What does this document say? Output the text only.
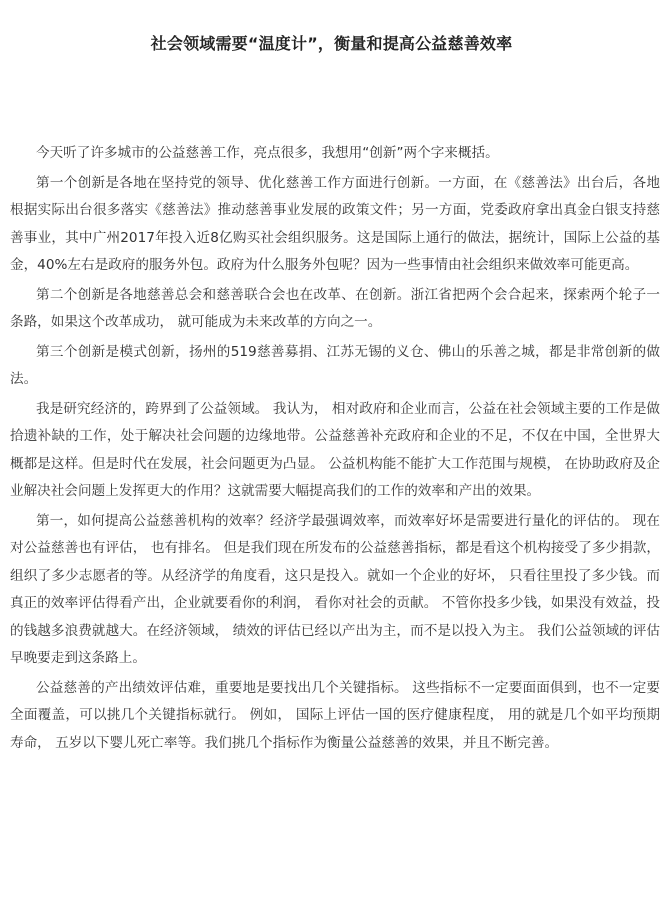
社会领域需要“温度计”，衡量和提高公益慈善效率

今天听了许多城市的公益慈善工作，亮点很多，我想用“创新”两个字来概括。

第一个创新是各地在坚持党的领导、优化慈善工作方面进行创新。一方面，在《慈善法》出台后，各地根据实际出台很多落实《慈善法》推动慈善事业发展的政策文件；另一方面，党委政府拿出真金白银支持慈善事业，其中广州2017年投入近8亿购买社会组织服务。这是国际上通行的做法，据统计，国际上公益的基金，40%左右是政府的服务外包。政府为什么服务外包呢？因为一些事情由社会组织来做效率可能更高。

第二个创新是各地慈善总会和慈善联合会也在改革、在创新。浙江省把两个会合起来，探索两个轮子一条路，如果这个改革成功， 就可能成为未来改革的方向之一。

第三个创新是模式创新，扬州的519慈善募捐、江苏无锡的义仓、佛山的乐善之城，都是非常创新的做法。

我是研究经济的，跨界到了公益领域。 我认为， 相对政府和企业而言，公益在社会领域主要的工作是做拾遗补缺的工作，处于解决社会问题的边缘地带。公益慈善补充政府和企业的不足，不仅在中国，全世界大概都是这样。但是时代在发展，社会问题更为凸显。 公益机构能不能扩大工作范围与规模， 在协助政府及企业解决社会问题上发挥更大的作用？这就需要大幅提高我们的工作的效率和产出的效果。

第一，如何提高公益慈善机构的效率？经济学最强调效率，而效率好坏是需要进行量化的评估的。 现在对公益慈善也有评估， 也有排名。 但是我们现在所发布的公益慈善指标，都是看这个机构接受了多少捐款，组织了多少志愿者的等。从经济学的角度看，这只是投入。就如一个企业的好坏， 只看往里投了多少钱。而真正的效率评估得看产出，企业就要看你的利润， 看你对社会的贡献。 不管你投多少钱，如果没有效益，投的钱越多浪费就越大。在经济领域， 绩效的评估已经以产出为主，而不是以投入为主。 我们公益领域的评估早晚要走到这条路上。

公益慈善的产出绩效评估难，重要地是要找出几个关键指标。 这些指标不一定要面面俱到，也不一定要全面覆盖，可以挑几个关键指标就行。 例如， 国际上评估一国的医疗健康程度， 用的就是几个如平均预期寿命， 五岁以下婴儿死亡率等。我们挑几个指标作为衡量公益慈善的效果，并且不断完善。
